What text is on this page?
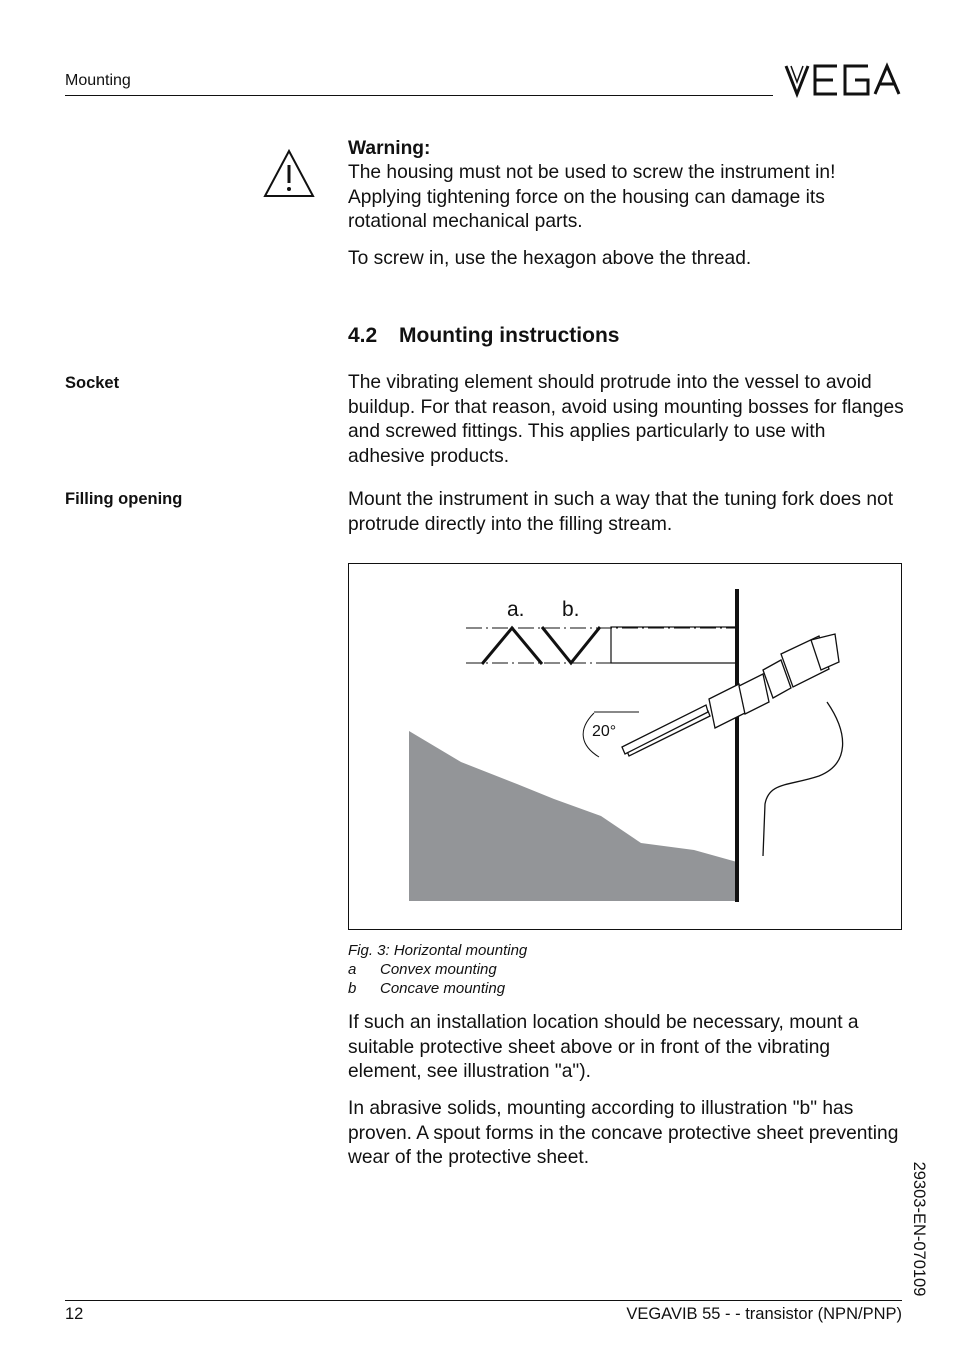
Mounting
Warning:
The housing must not be used to screw the instrument in! Applying tightening force on the housing can damage its rotational mechanical parts.
To screw in, use the hexagon above the thread.
4.2 Mounting instructions
Socket	The vibrating element should protrude into the vessel to avoid buildup. For that reason, avoid using mounting bosses for flanges and screwed fittings. This applies particularly to use with adhesive products.
Filling opening	Mount the instrument in such a way that the tuning fork does not protrude directly into the filling stream.
a. b.
20°
Fig. 3: Horizontal mounting
a Convex mounting
b Concave mounting
If such an installation location should be necessary, mount a suitable protective sheet above or in front of the vibrating element, see illustration "a").
In abrasive solids, mounting according to illustration "b" has proven. A spout forms in the concave protective sheet preventing wear of the protective sheet.
29303-EN-070109
12	VEGAVIB 55 - - transistor (NPN/PNP)
